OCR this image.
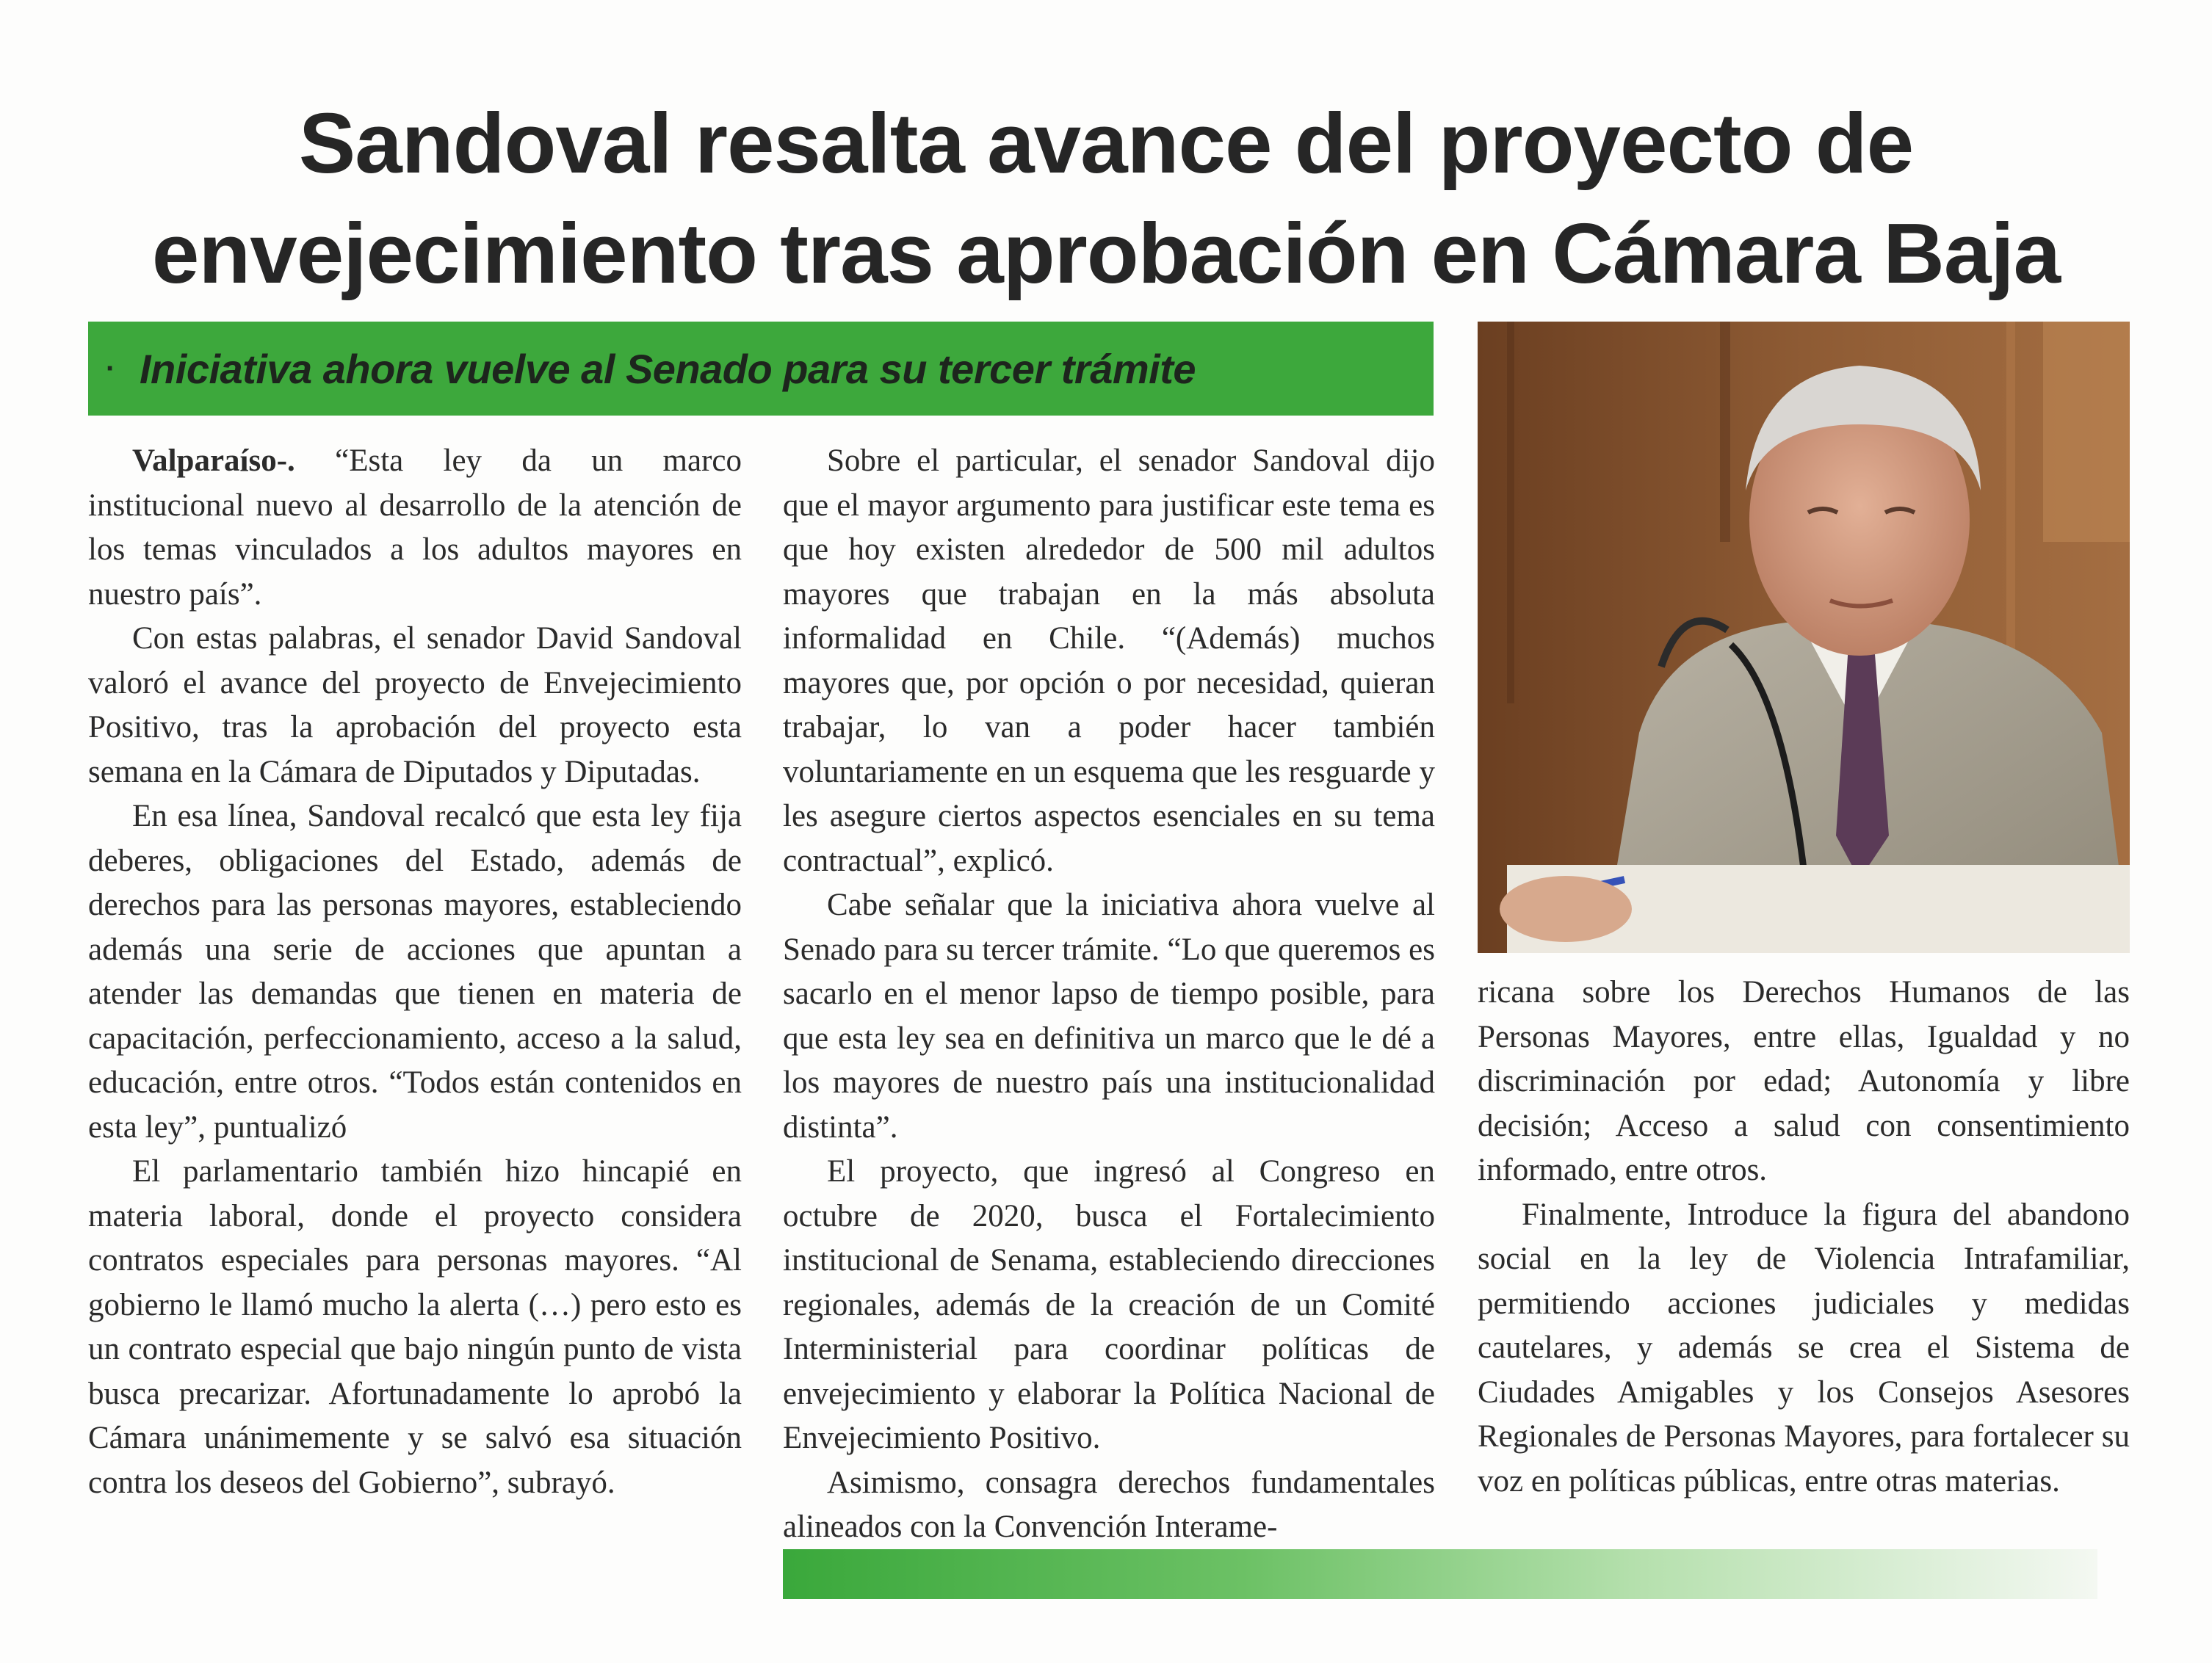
Sandoval resalta avance del proyecto de
envejecimiento tras aprobación en Cámara Baja
· Iniciativa ahora vuelve al Senado para su tercer trámite

Valparaíso-. “Esta ley da un marco institucional nuevo al desarrollo de la atención de los temas vinculados a los adultos mayores en nuestro país”.

Con estas palabras, el senador David Sandoval valoró el avance del proyecto de Envejecimiento Positivo, tras la aprobación del proyecto esta semana en la Cámara de Diputados y Diputadas.

En esa línea, Sandoval recalcó que esta ley fija deberes, obligaciones del Estado, además de derechos para las personas mayores, estableciendo además una serie de acciones que apuntan a atender las demandas que tienen en materia de capacitación, perfeccionamiento, acceso a la salud, educación, entre otros. “Todos están contenidos en esta ley”, puntualizó

El parlamentario también hizo hincapié en materia laboral, donde el proyecto considera contratos especiales para personas mayores. “Al gobierno le llamó mucho la alerta (…) pero esto es un contrato especial que bajo ningún punto de vista busca precarizar. Afortunadamente lo aprobó la Cámara unánimemente y se salvó esa situación contra los deseos del Gobierno”, subrayó.

Sobre el particular, el senador Sandoval dijo que el mayor argumento para justificar este tema es que hoy existen alrededor de 500 mil adultos mayores que trabajan en la más absoluta informalidad en Chile. “(Además) muchos mayores que, por opción o por necesidad, quieran trabajar, lo van a poder hacer también voluntariamente en un esquema que les resguarde y les asegure ciertos aspectos esenciales en su tema contractual”, explicó.

Cabe señalar que la iniciativa ahora vuelve al Senado para su tercer trámite. “Lo que queremos es sacarlo en el menor lapso de tiempo posible, para que esta ley sea en definitiva un marco que le dé a los mayores de nuestro país una institucionalidad distinta”.

El proyecto, que ingresó al Congreso en octubre de 2020, busca el Fortalecimiento institucional de Senama, estableciendo direcciones regionales, además de la creación de un Comité Interministerial para coordinar políticas de envejecimiento y elaborar la Política Nacional de Envejecimiento Positivo.

Asimismo, consagra derechos fundamentales alineados con la Convención Interame-

ricana sobre los Derechos Humanos de las Personas Mayores, entre ellas, Igualdad y no discriminación por edad; Autonomía y libre decisión; Acceso a salud con consentimiento informado, entre otros.

Finalmente, Introduce la figura del abandono social en la ley de Violencia Intrafamiliar, permitiendo acciones judiciales y medidas cautelares, y además se crea el Sistema de Ciudades Amigables y los Consejos Asesores Regionales de Personas Mayores, para fortalecer su voz en políticas públicas, entre otras materias.
